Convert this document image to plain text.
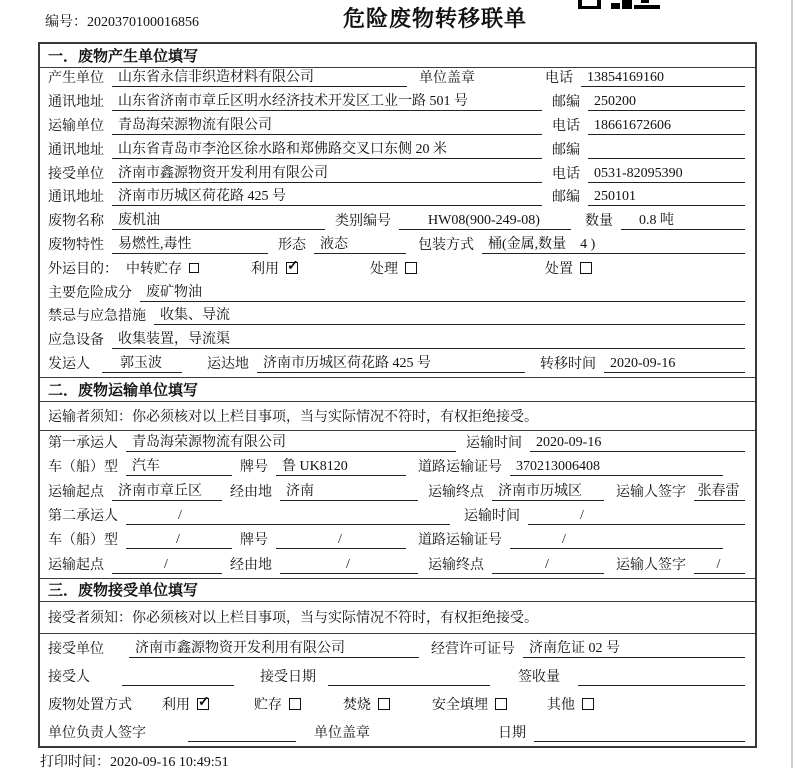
编号：2020370100016856	危险废物转移联单
一．废物产生单位填写
产生单位	山东省永信非织造材料有限公司	单位盖章	电话	13854169160
通讯地址	山东省济南市章丘区明水经济技术开发区工业一路 501 号	邮编	250200
运输单位	青岛海荣源物流有限公司	电话	18661672606
通讯地址	山东省青岛市李沧区徐水路和郑佛路交叉口东侧 20 米	邮编
接受单位	济南市鑫源物资开发利用有限公司	电话	0531-82095390
通讯地址	济南市历城区荷花路 425 号	邮编	250101
废物名称	废机油	类别编号	HW08(900-249-08)	数量	0.8 吨
废物特性	易燃性,毒性	形态	液态	包装方式	桶(金属,数量　4 )
外运目的： 中转贮存	利用 ✓	处理	处置
主要危险成分	废矿物油
禁忌与应急措施	收集、导流
应急设备	收集装置，导流渠
发运人	郭玉波	运达地	济南市历城区荷花路 425 号	转移时间	2020-09-16
二．废物运输单位填写
运输者须知：你必须核对以上栏目事项，当与实际情况不符时，有权拒绝接受。
第一承运人	青岛海荣源物流有限公司	运输时间	2020-09-16
车（船）型	汽车	牌号	鲁 UK8120	道路运输证号	370213006408
运输起点	济南市章丘区	经由地	济南	运输终点	济南市历城区	运输人签字 张春雷
第二承运人	/	运输时间	/
车（船）型	/	牌号	/	道路运输证号	/
运输起点	/	经由地	/	运输终点	/	运输人签字	/
三．废物接受单位填写
接受者须知：你必须核对以上栏目事项，当与实际情况不符时，有权拒绝接受。
接受单位	济南市鑫源物资开发利用有限公司	经营许可证号	济南危证 02 号
接受人	接受日期	签收量
废物处置方式 利用 ✓	贮存	焚烧	安全填埋	其他
单位负责人签字	单位盖章	日期
打印时间：2020-09-16 10:49:51
